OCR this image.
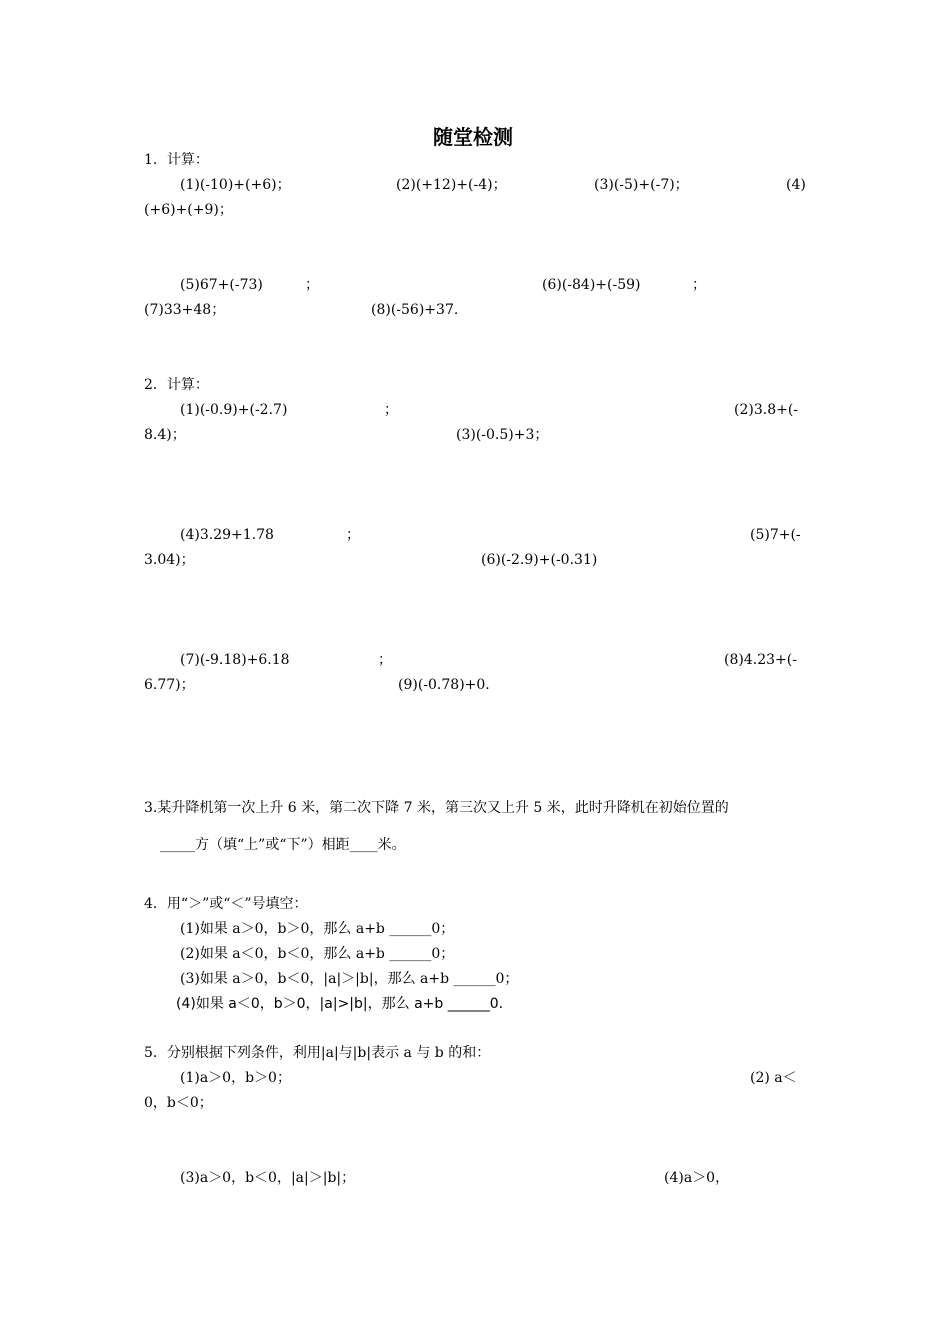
随堂检测
1．计算：
(1)(-10)+(+6)；	(2)(+12)+(-4)；	(3)(-5)+(-7)；	(4)
(+6)+(+9)；
(5)67+(-73)	；	(6)(-84)+(-59)	；
(7)33+48；	(8)(-56)+37.
2．计算：
(1)(-0.9)+(-2.7)	；	(2)3.8+(-
8.4)；	(3)(-0.5)+3；
(4)3.29+1.78	；	(5)7+(-
3.04)；	(6)(-2.9)+(-0.31)
(7)(-9.18)+6.18	；	(8)4.23+(-
6.77)；	(9)(-0.78)+0.
3.某升降机第一次上升 6 米，第二次下降 7 米，第三次又上升 5 米，此时升降机在初始位置的
_____方（填“上”或“下”）相距____米。
4．用“＞”或“＜”号填空：
(1)如果 a＞0，b＞0，那么 a+b ______0；
(2)如果 a＜0，b＜0，那么 a+b ______0；
(3)如果 a＞0，b＜0，|a|＞|b|，那么 a+b ______0；
(4)如果 a＜0，b＞0，|a|>|b|，那么 a+b ______0.
5．分别根据下列条件，利用|a|与|b|表示 a 与 b 的和：
(1)a＞0，b＞0；	(2) a＜
0，b＜0；
(3)a＞0，b＜0，|a|＞|b|；	(4)a＞0，
